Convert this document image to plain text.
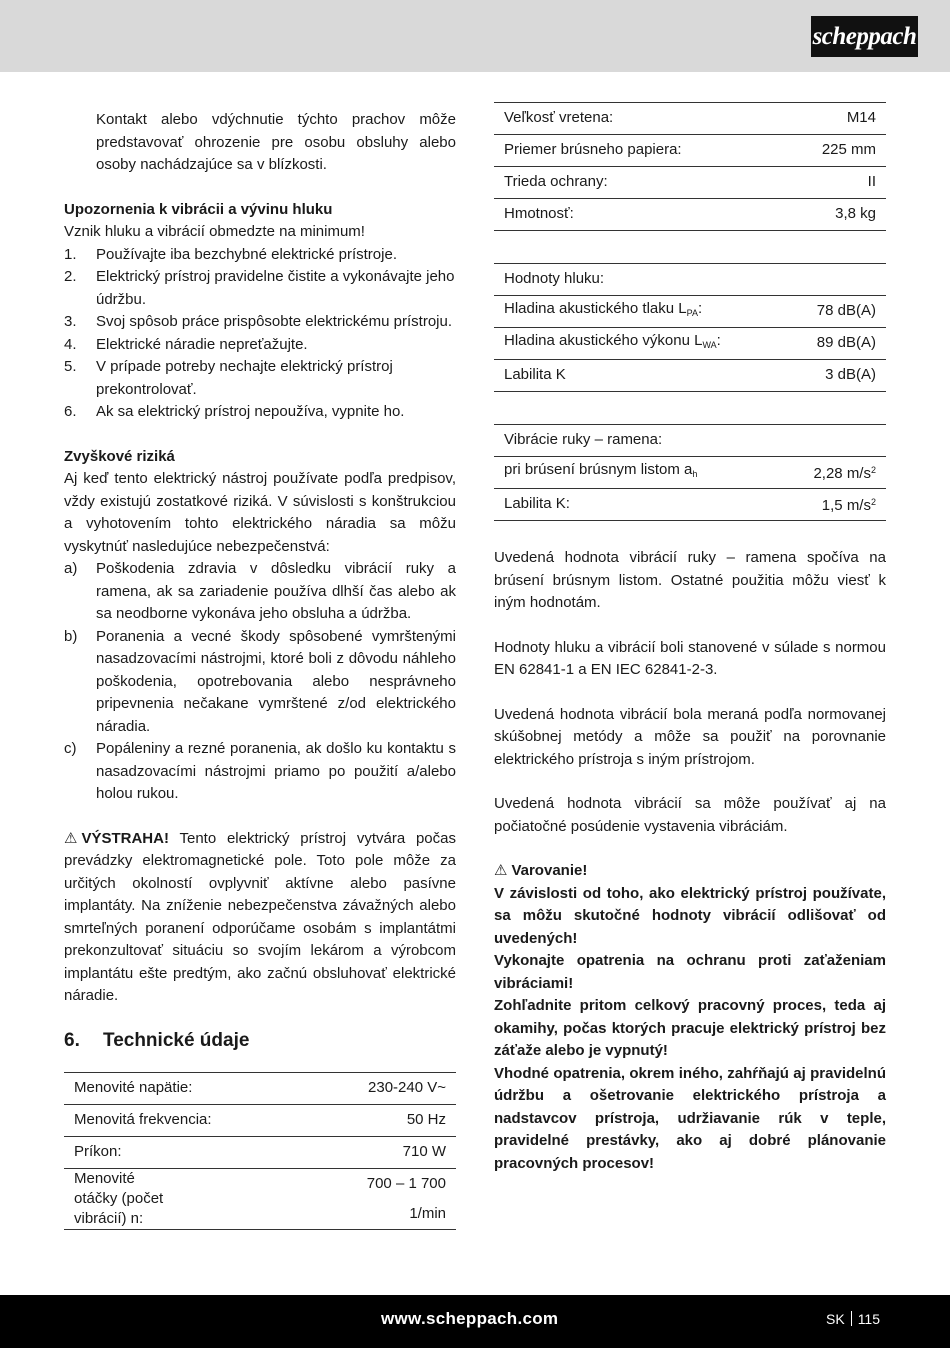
scheppach

Kontakt alebo vdýchnutie týchto prachov môže predstavovať ohrozenie pre osobu obsluhy alebo osoby nachádzajúce sa v blízkosti.

Upozornenia k vibrácii a vývinu hluku

Vznik hluku a vibrácií obmedzte na minimum!

1. Používajte iba bezchybné elektrické prístroje.
2. Elektrický prístroj pravidelne čistite a vykonávajte jeho údržbu.
3. Svoj spôsob práce prispôsobte elektrickému prístroju.
4. Elektrické náradie nepreťažujte.
5. V prípade potreby nechajte elektrický prístroj prekontrolovať.
6. Ak sa elektrický prístroj nepoužíva, vypnite ho.

Zvyškové riziká

Aj keď tento elektrický nástroj používate podľa predpisov, vždy existujú zostatkové riziká. V súvislosti s konštrukciou a vyhotovením tohto elektrického náradia sa môžu vyskytnúť nasledujúce nebezpečenstvá:

a) Poškodenia zdravia v dôsledku vibrácií ruky a ramena, ak sa zariadenie používa dlhší čas alebo ak sa neodborne vykonáva jeho obsluha a údržba.
b) Poranenia a vecné škody spôsobené vymrštenými nasadzovacími nástrojmi, ktoré boli z dôvodu náhleho poškodenia, opotrebovania alebo nesprávneho pripevnenia nečakane vymrštené z/od elektrického náradia.
c) Popáleniny a rezné poranenia, ak došlo ku kontaktu s nasadzovacími nástrojmi priamo po použití a/alebo holou rukou.

⚠ VÝSTRAHA! Tento elektrický prístroj vytvára počas prevádzky elektromagnetické pole. Toto pole môže za určitých okolností ovplyvniť aktívne alebo pasívne implantáty. Na zníženie nebezpečenstva závažných alebo smrteľných poranení odporúčame osobám s implantátmi prekonzultovať situáciu so svojím lekárom a výrobcom implantátu ešte predtým, ako začnú obsluhovať elektrické náradie.

6. Technické údaje

Menovité napätie:	230-240 V~
Menovitá frekvencia:	50 Hz
Príkon:	710 W
Menovité otáčky (počet vibrácií) n:	700 – 1 700 1/min
Veľkosť vretena:	M14
Priemer brúsneho papiera:	225 mm
Trieda ochrany:	II
Hmotnosť:	3,8 kg
Hodnoty hluku:	
Hladina akustického tlaku $L_{PA}$:	78 dB(A)
Hladina akustického výkonu $L_{WA}$:	89 dB(A)
Labilita K	3 dB(A)
Vibrácie ruky – ramena:	
pri brúsení brúsnym listom $a_h$	2,28 $m/s^2$
Labilita K:	1,5 $m/s^2$

Uvedená hodnota vibrácií ruky – ramena spočíva na brúsení brúsnym listom. Ostatné použitia môžu viesť k iným hodnotám.

Hodnoty hluku a vibrácií boli stanovené v súlade s normou EN 62841-1 a EN IEC 62841-2-3.

Uvedená hodnota vibrácií bola meraná podľa normovanej skúšobnej metódy a môže sa použiť na porovnanie elektrického prístroja s iným prístrojom.

Uvedená hodnota vibrácií sa môže používať aj na počiatočné posúdenie vystavenia vibráciám.

⚠ Varovanie!

V závislosti od toho, ako elektrický prístroj používate, sa môžu skutočné hodnoty vibrácií odlišovať od uvedených!

Vykonajte opatrenia na ochranu proti zaťaženiam vibráciami!

Zohľadnite pritom celkový pracovný proces, teda aj okamihy, počas ktorých pracuje elektrický prístroj bez záťaže alebo je vypnutý!

Vhodné opatrenia, okrem iného, zahŕňajú aj pravidelnú údržbu a ošetrovanie elektrického prístroja a nadstavcov prístroja, udržiavanie rúk v teple, pravidelné prestávky, ako aj dobré plánovanie pracovných procesov!

www.scheppach.com	SK 115
